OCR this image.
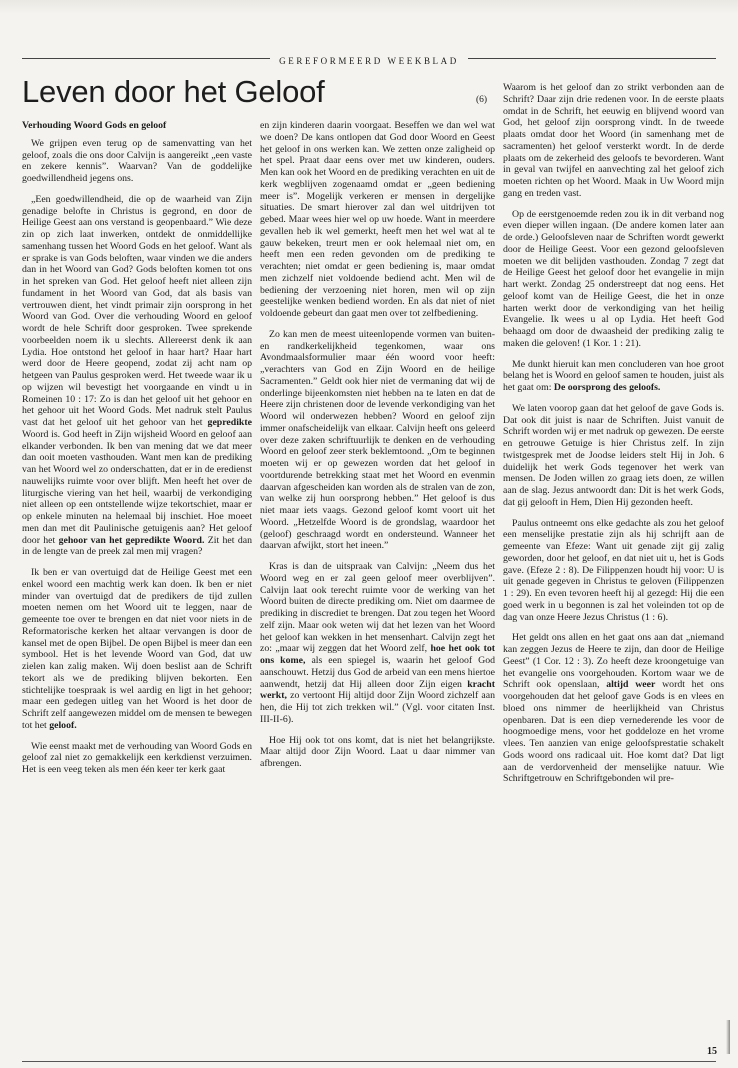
GEREFORMEERD WEEKBLAD
Leven door het Geloof	(6)

Verhouding Woord Gods en geloof

We grijpen even terug op de samenvatting van het geloof, zoals die ons door Calvijn is aangereikt „een vaste en zekere kennis”. Waarvan? Van de goddelijke goedwillendheid jegens ons.

„Een goedwillendheid, die op de waarheid van Zijn genadige belofte in Christus is gegrond, en door de Heilige Geest aan ons verstand is geopenbaard.” Wie deze zin op zich laat inwerken, ontdekt de onmiddellijke samenhang tussen het Woord Gods en het geloof. Want als er sprake is van Gods beloften, waar vinden we die anders dan in het Woord van God? Gods beloften komen tot ons in het spreken van God. Het geloof heeft niet alleen zijn fundament in het Woord van God, dat als basis van vertrouwen dient, het vindt primair zijn oorsprong in het Woord van God. Over die verhouding Woord en geloof wordt de hele Schrift door gesproken. Twee sprekende voorbeelden noem ik u slechts. Allereerst denk ik aan Lydia. Hoe ontstond het geloof in haar hart? Haar hart werd door de Heere geopend, zodat zij acht nam op hetgeen van Paulus gesproken werd. Het tweede waar ik u op wijzen wil bevestigt het voorgaande en vindt u in Romeinen 10 : 17: Zo is dan het geloof uit het gehoor en het gehoor uit het Woord Gods. Met nadruk stelt Paulus vast dat het geloof uit het gehoor van het gepredikte Woord is. God heeft in Zijn wijsheid Woord en geloof aan elkander verbonden. Ik ben van mening dat we dat meer dan ooit moeten vasthouden. Want men kan de prediking van het Woord wel zo onderschatten, dat er in de eredienst nauwelijks ruimte voor over blijft. Men heeft het over de liturgische viering van het heil, waarbij de verkondiging niet alleen op een ontstellende wijze tekortschiet, maar er op enkele minuten na helemaal bij inschiet. Hoe moeet men dan met dit Paulinische getuigenis aan? Het geloof door het gehoor van het gepredikte Woord. Zit het dan in de lengte van de preek zal men mij vragen?

Ik ben er van overtuigd dat de Heilige Geest met een enkel woord een machtig werk kan doen. Ik ben er niet minder van overtuigd dat de predikers de tijd zullen moeten nemen om het Woord uit te leggen, naar de gemeente toe over te brengen en dat niet voor niets in de Reformatorische kerken het altaar vervangen is door de kansel met de open Bijbel. De open Bijbel is meer dan een symbool. Het is het levende Woord van God, dat uw zielen kan zalig maken. Wij doen beslist aan de Schrift tekort als we de prediking blijven bekorten. Een stichtelijke toespraak is wel aardig en ligt in het gehoor; maar een gedegen uitleg van het Woord is het door de Schrift zelf aangewezen middel om de mensen te bewegen tot het geloof.

Wie eenst maakt met de verhouding van Woord Gods en geloof zal niet zo gemakkelijk een kerkdienst verzuimen. Het is een veeg teken als men één keer ter kerk gaat

en zijn kinderen daarin voorgaat. Beseffen we dan wel wat we doen? De kans ontlopen dat God door Woord en Geest het geloof in ons werken kan. We zetten onze zaligheid op het spel. Praat daar eens over met uw kinderen, ouders. Men kan ook het Woord en de prediking verachten en uit de kerk wegblijven zogenaamd omdat er „geen bediening meer is”. Mogelijk verkeren er mensen in dergelijke situaties. De smart hierover zal dan wel uitdrijven tot gebed. Maar wees hier wel op uw hoede. Want in meerdere gevallen heb ik wel gemerkt, heeft men het wel wat al te gauw bekeken, treurt men er ook helemaal niet om, en heeft men een reden gevonden om de prediking te verachten; niet omdat er geen bediening is, maar omdat men zichzelf niet voldoende bediend acht. Men wil de bediening der verzoening niet horen, men wil op zijn geestelijke wenken bediend worden. En als dat niet of niet voldoende gebeurt dan gaat men over tot zelfbediening.

Zo kan men de meest uiteenlopende vormen van buiten- en randkerkelijkheid tegenkomen, waar ons Avondmaalsformulier maar één woord voor heeft: „verachters van God en Zijn Woord en de heilige Sacramenten.” Geldt ook hier niet de vermaning dat wij de onderlinge bijeenkomsten niet hebben na te laten en dat de Heere zijn christenen door de levende verkondiging van het Woord wil onderwezen hebben? Woord en geloof zijn immer onafscheidelijk van elkaar. Calvijn heeft ons geleerd over deze zaken schriftuurlijk te denken en de verhouding Woord en geloof zeer sterk beklemtoond. „Om te beginnen moeten wij er op gewezen worden dat het geloof in voortdurende betrekking staat met het Woord en evenmin daarvan afgescheiden kan worden als de stralen van de zon, van welke zij hun oorsprong hebben.” Het geloof is dus niet maar iets vaags. Gezond geloof komt voort uit het Woord. „Hetzelfde Woord is de grondslag, waardoor het (geloof) geschraagd wordt en ondersteund. Wanneer het daarvan afwijkt, stort het ineen.”

Kras is dan de uitspraak van Calvijn: „Neem dus het Woord weg en er zal geen geloof meer overblijven”. Calvijn laat ook terecht ruimte voor de werking van het Woord buiten de directe prediking om. Niet om daarmee de prediking in discrediet te brengen. Dat zou tegen het Woord zelf zijn. Maar ook weten wij dat het lezen van het Woord het geloof kan wekken in het mensenhart. Calvijn zegt het zo: „maar wij zeggen dat het Woord zelf, hoe het ook tot ons kome, als een spiegel is, waarin het geloof God aanschouwt. Hetzij dus God de arbeid van een mens hiertoe aanwendt, hetzij dat Hij alleen door Zijn eigen kracht werkt, zo vertoont Hij altijd door Zijn Woord zichzelf aan hen, die Hij tot zich trekken wil.” (Vgl. voor citaten Inst. III-II-6).

Hoe Hij ook tot ons komt, dat is niet het belangrijkste. Maar altijd door Zijn Woord. Laat u daar nimmer van afbrengen.

Waarom is het geloof dan zo strikt verbonden aan de Schrift? Daar zijn drie redenen voor. In de eerste plaats omdat in de Schrift, het eeuwig en blijvend woord van God, het geloof zijn oorsprong vindt. In de tweede plaats omdat door het Woord (in samenhang met de sacramenten) het geloof versterkt wordt. In de derde plaats om de zekerheid des geloofs te bevorderen. Want in geval van twijfel en aanvechting zal het geloof zich moeten richten op het Woord. Maak in Uw Woord mijn gang en treden vast.

Op de eerstgenoemde reden zou ik in dit verband nog even dieper willen ingaan. (De andere komen later aan de orde.) Geloofsleven naar de Schriften wordt gewerkt door de Heilige Geest. Voor een gezond geloofsleven moeten we dit belijden vasthouden. Zondag 7 zegt dat de Heilige Geest het geloof door het evangelie in mijn hart werkt. Zondag 25 onderstreept dat nog eens. Het geloof komt van de Heilige Geest, die het in onze harten werkt door de verkondiging van het heilig Evangelie. Ik wees u al op Lydia. Het heeft God behaagd om door de dwaasheid der prediking zalig te maken die geloven! (1 Kor. 1 : 21).

Me dunkt hieruit kan men concluderen van hoe groot belang het is Woord en geloof samen te houden, juist als het gaat om: De oorsprong des geloofs.

We laten voorop gaan dat het geloof de gave Gods is. Dat ook dit juist is naar de Schriften. Juist vanuit de Schrift worden wij er met nadruk op gewezen. De eerste en getrouwe Getuige is hier Christus zelf. In zijn twistgesprek met de Joodse leiders stelt Hij in Joh. 6 duidelijk het werk Gods tegenover het werk van mensen. De Joden willen zo graag iets doen, ze willen aan de slag. Jezus antwoordt dan: Dit is het werk Gods, dat gij gelooft in Hem, Dien Hij gezonden heeft.

Paulus ontneemt ons elke gedachte als zou het geloof een menselijke prestatie zijn als hij schrijft aan de gemeente van Efeze: Want uit genade zijt gij zalig geworden, door het geloof, en dat niet uit u, het is Gods gave. (Efeze 2 : 8). De Filippenzen houdt hij voor: U is uit genade gegeven in Christus te geloven (Filippenzen 1 : 29). En even tevoren heeft hij al gezegd: Hij die een goed werk in u begonnen is zal het voleinden tot op de dag van onze Heere Jezus Christus (1 : 6).

Het geldt ons allen en het gaat ons aan dat „niemand kan zeggen Jezus de Heere te zijn, dan door de Heilige Geest” (1 Cor. 12 : 3). Zo heeft deze kroongetuige van het evangelie ons voorgehouden. Kortom waar we de Schrift ook openslaan, altijd weer wordt het ons voorgehouden dat het geloof gave Gods is en vlees en bloed ons nimmer de heerlijkheid van Christus openbaren. Dat is een diep vernederende les voor de hoogmoedige mens, voor het goddeloze en het vrome vlees. Ten aanzien van enige geloofsprestatie schakelt Gods woord ons radicaal uit. Hoe komt dat? Dat ligt aan de verdorvenheid der menselijke natuur. Wie Schriftgetrouw en Schriftgebonden wil pre-

15
